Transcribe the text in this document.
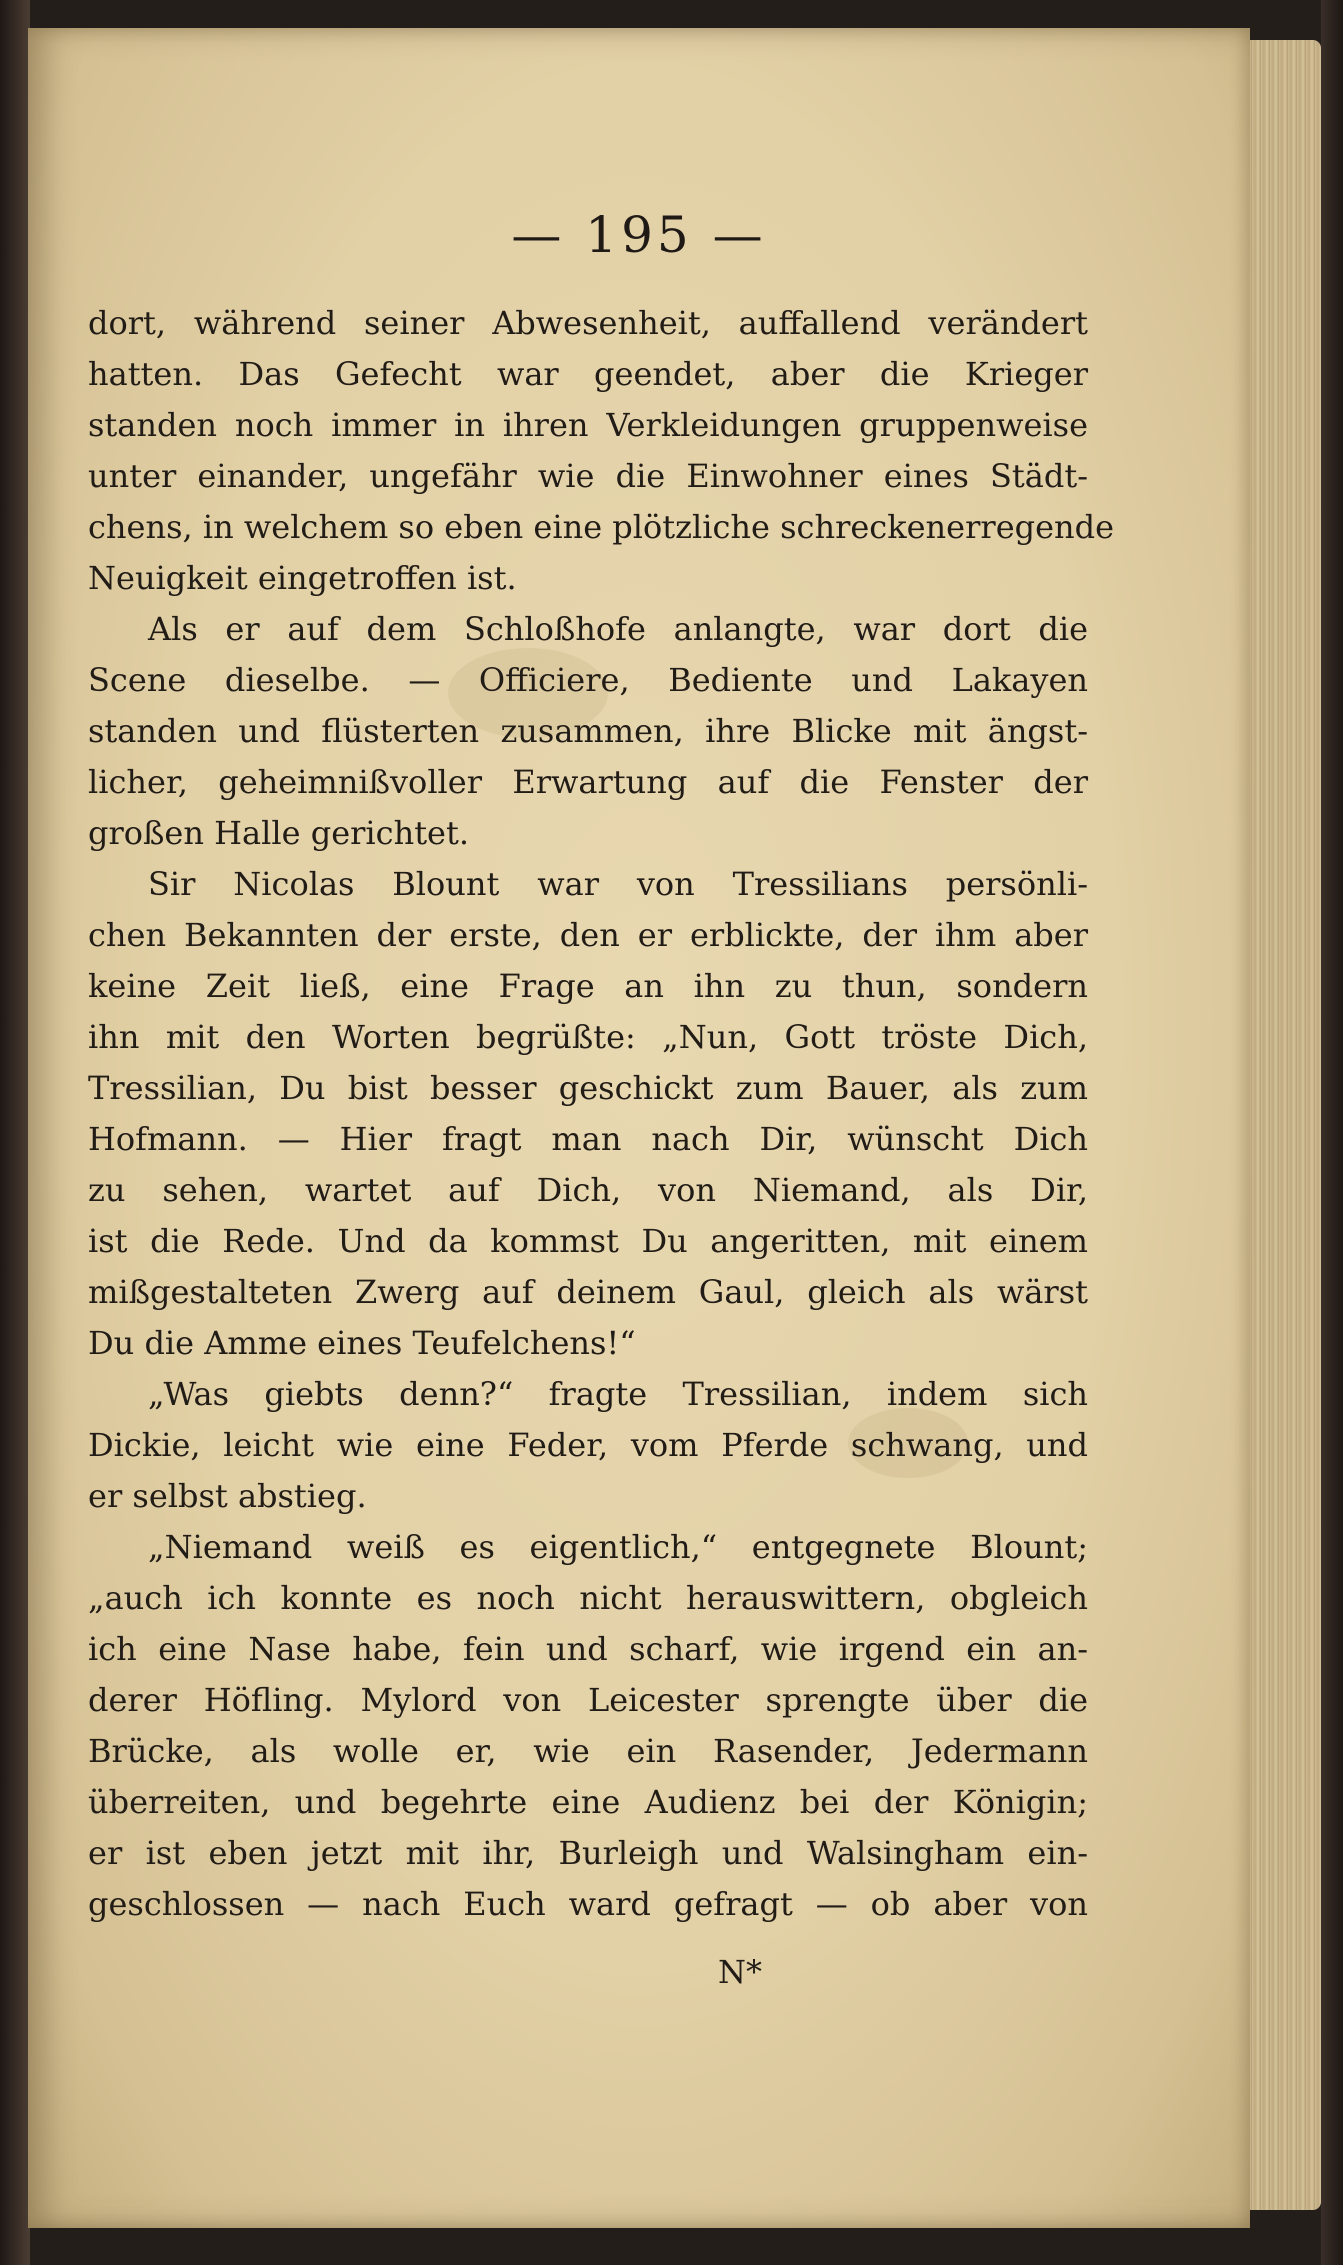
— 195 —
dort, während seiner Abwesenheit, auffallend verändert
hatten. Das Gefecht war geendet, aber die Krieger
standen noch immer in ihren Verkleidungen gruppenweise
unter einander, ungefähr wie die Einwohner eines Städt-
chens, in welchem so eben eine plötzliche schreckenerregende
Neuigkeit eingetroffen ist.
Als er auf dem Schloßhofe anlangte, war dort die
Scene dieselbe. — Officiere, Bediente und Lakayen
standen und flüsterten zusammen, ihre Blicke mit ängst-
licher, geheimnißvoller Erwartung auf die Fenster der
großen Halle gerichtet.
Sir Nicolas Blount war von Tressilians persönli-
chen Bekannten der erste, den er erblickte, der ihm aber
keine Zeit ließ, eine Frage an ihn zu thun, sondern
ihn mit den Worten begrüßte: „Nun, Gott tröste Dich,
Tressilian, Du bist besser geschickt zum Bauer, als zum
Hofmann. — Hier fragt man nach Dir, wünscht Dich
zu sehen, wartet auf Dich, von Niemand, als Dir,
ist die Rede. Und da kommst Du angeritten, mit einem
mißgestalteten Zwerg auf deinem Gaul, gleich als wärst
Du die Amme eines Teufelchens!“
„Was giebts denn?“ fragte Tressilian, indem sich
Dickie, leicht wie eine Feder, vom Pferde schwang, und
er selbst abstieg.
„Niemand weiß es eigentlich,“ entgegnete Blount;
„auch ich konnte es noch nicht herauswittern, obgleich
ich eine Nase habe, fein und scharf, wie irgend ein an-
derer Höfling. Mylord von Leicester sprengte über die
Brücke, als wolle er, wie ein Rasender, Jedermann
überreiten, und begehrte eine Audienz bei der Königin;
er ist eben jetzt mit ihr, Burleigh und Walsingham ein-
geschlossen — nach Euch ward gefragt — ob aber von
N*
